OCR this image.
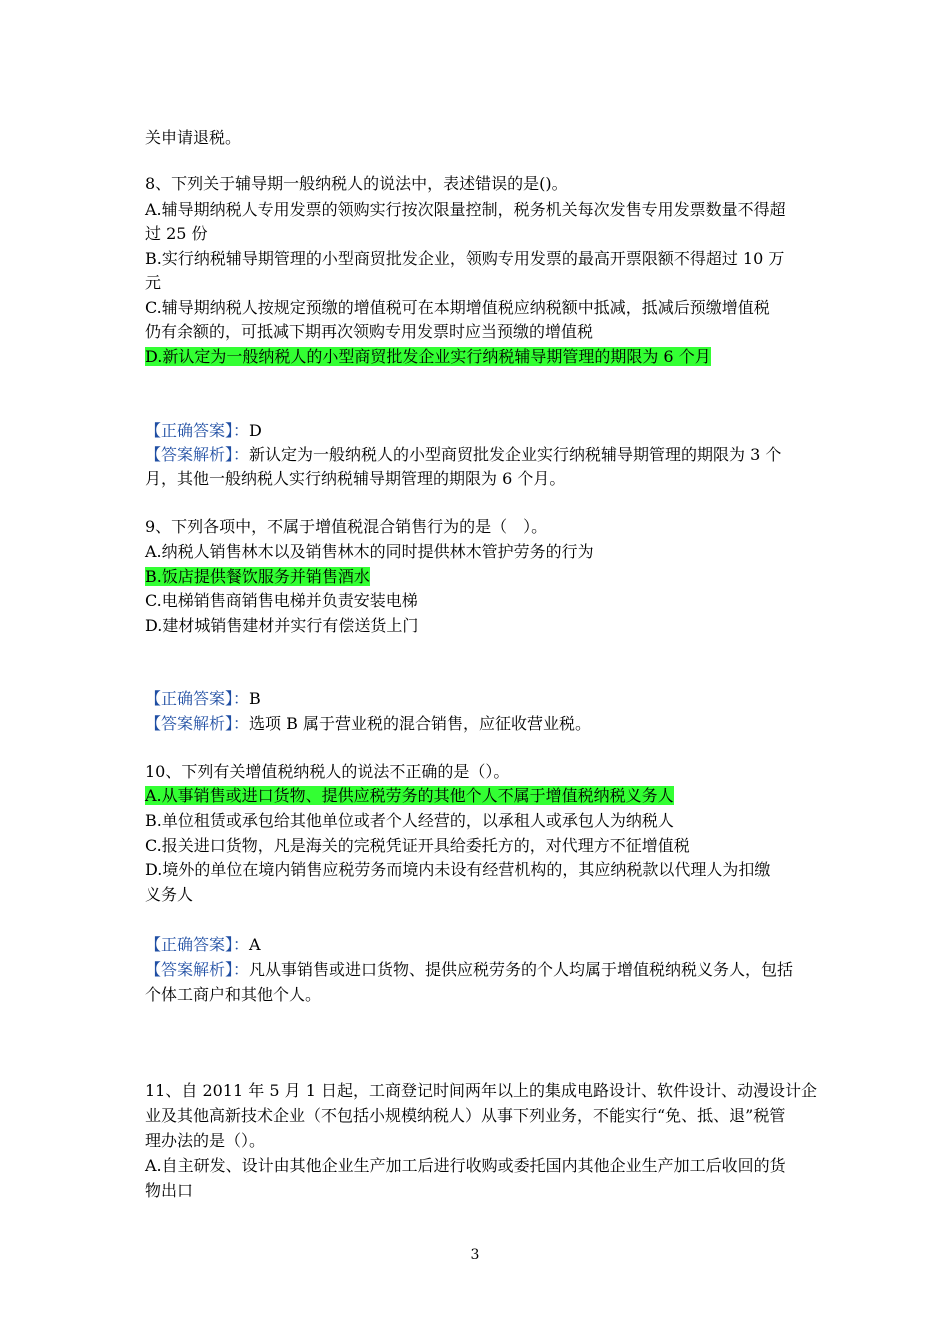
关申请退税。
8、下列关于辅导期一般纳税人的说法中，表述错误的是()。
A.辅导期纳税人专用发票的领购实行按次限量控制，税务机关每次发售专用发票数量不得超
过 25 份
B.实行纳税辅导期管理的小型商贸批发企业，领购专用发票的最高开票限额不得超过 10 万
元
C.辅导期纳税人按规定预缴的增值税可在本期增值税应纳税额中抵减，抵减后预缴增值税
仍有余额的，可抵减下期再次领购专用发票时应当预缴的增值税
D.新认定为一般纳税人的小型商贸批发企业实行纳税辅导期管理的期限为 6 个月
【正确答案】：D
【答案解析】：新认定为一般纳税人的小型商贸批发企业实行纳税辅导期管理的期限为 3 个
月，其他一般纳税人实行纳税辅导期管理的期限为 6 个月。
9、下列各项中，不属于增值税混合销售行为的是（　）。
A.纳税人销售林木以及销售林木的同时提供林木管护劳务的行为
B.饭店提供餐饮服务并销售酒水
C.电梯销售商销售电梯并负责安装电梯
D.建材城销售建材并实行有偿送货上门
【正确答案】：B
【答案解析】：选项 B 属于营业税的混合销售，应征收营业税。
10、下列有关增值税纳税人的说法不正确的是（）。
A.从事销售或进口货物、提供应税劳务的其他个人不属于增值税纳税义务人
B.单位租赁或承包给其他单位或者个人经营的，以承租人或承包人为纳税人
C.报关进口货物，凡是海关的完税凭证开具给委托方的，对代理方不征增值税
D.境外的单位在境内销售应税劳务而境内未设有经营机构的，其应纳税款以代理人为扣缴
义务人
【正确答案】：A
【答案解析】：凡从事销售或进口货物、提供应税劳务的个人均属于增值税纳税义务人，包括
个体工商户和其他个人。
11、自 2011 年 5 月 1 日起，工商登记时间两年以上的集成电路设计、软件设计、动漫设计企
业及其他高新技术企业（不包括小规模纳税人）从事下列业务，不能实行“免、抵、退”税管
理办法的是（）。
A.自主研发、设计由其他企业生产加工后进行收购或委托国内其他企业生产加工后收回的货
物出口
3
